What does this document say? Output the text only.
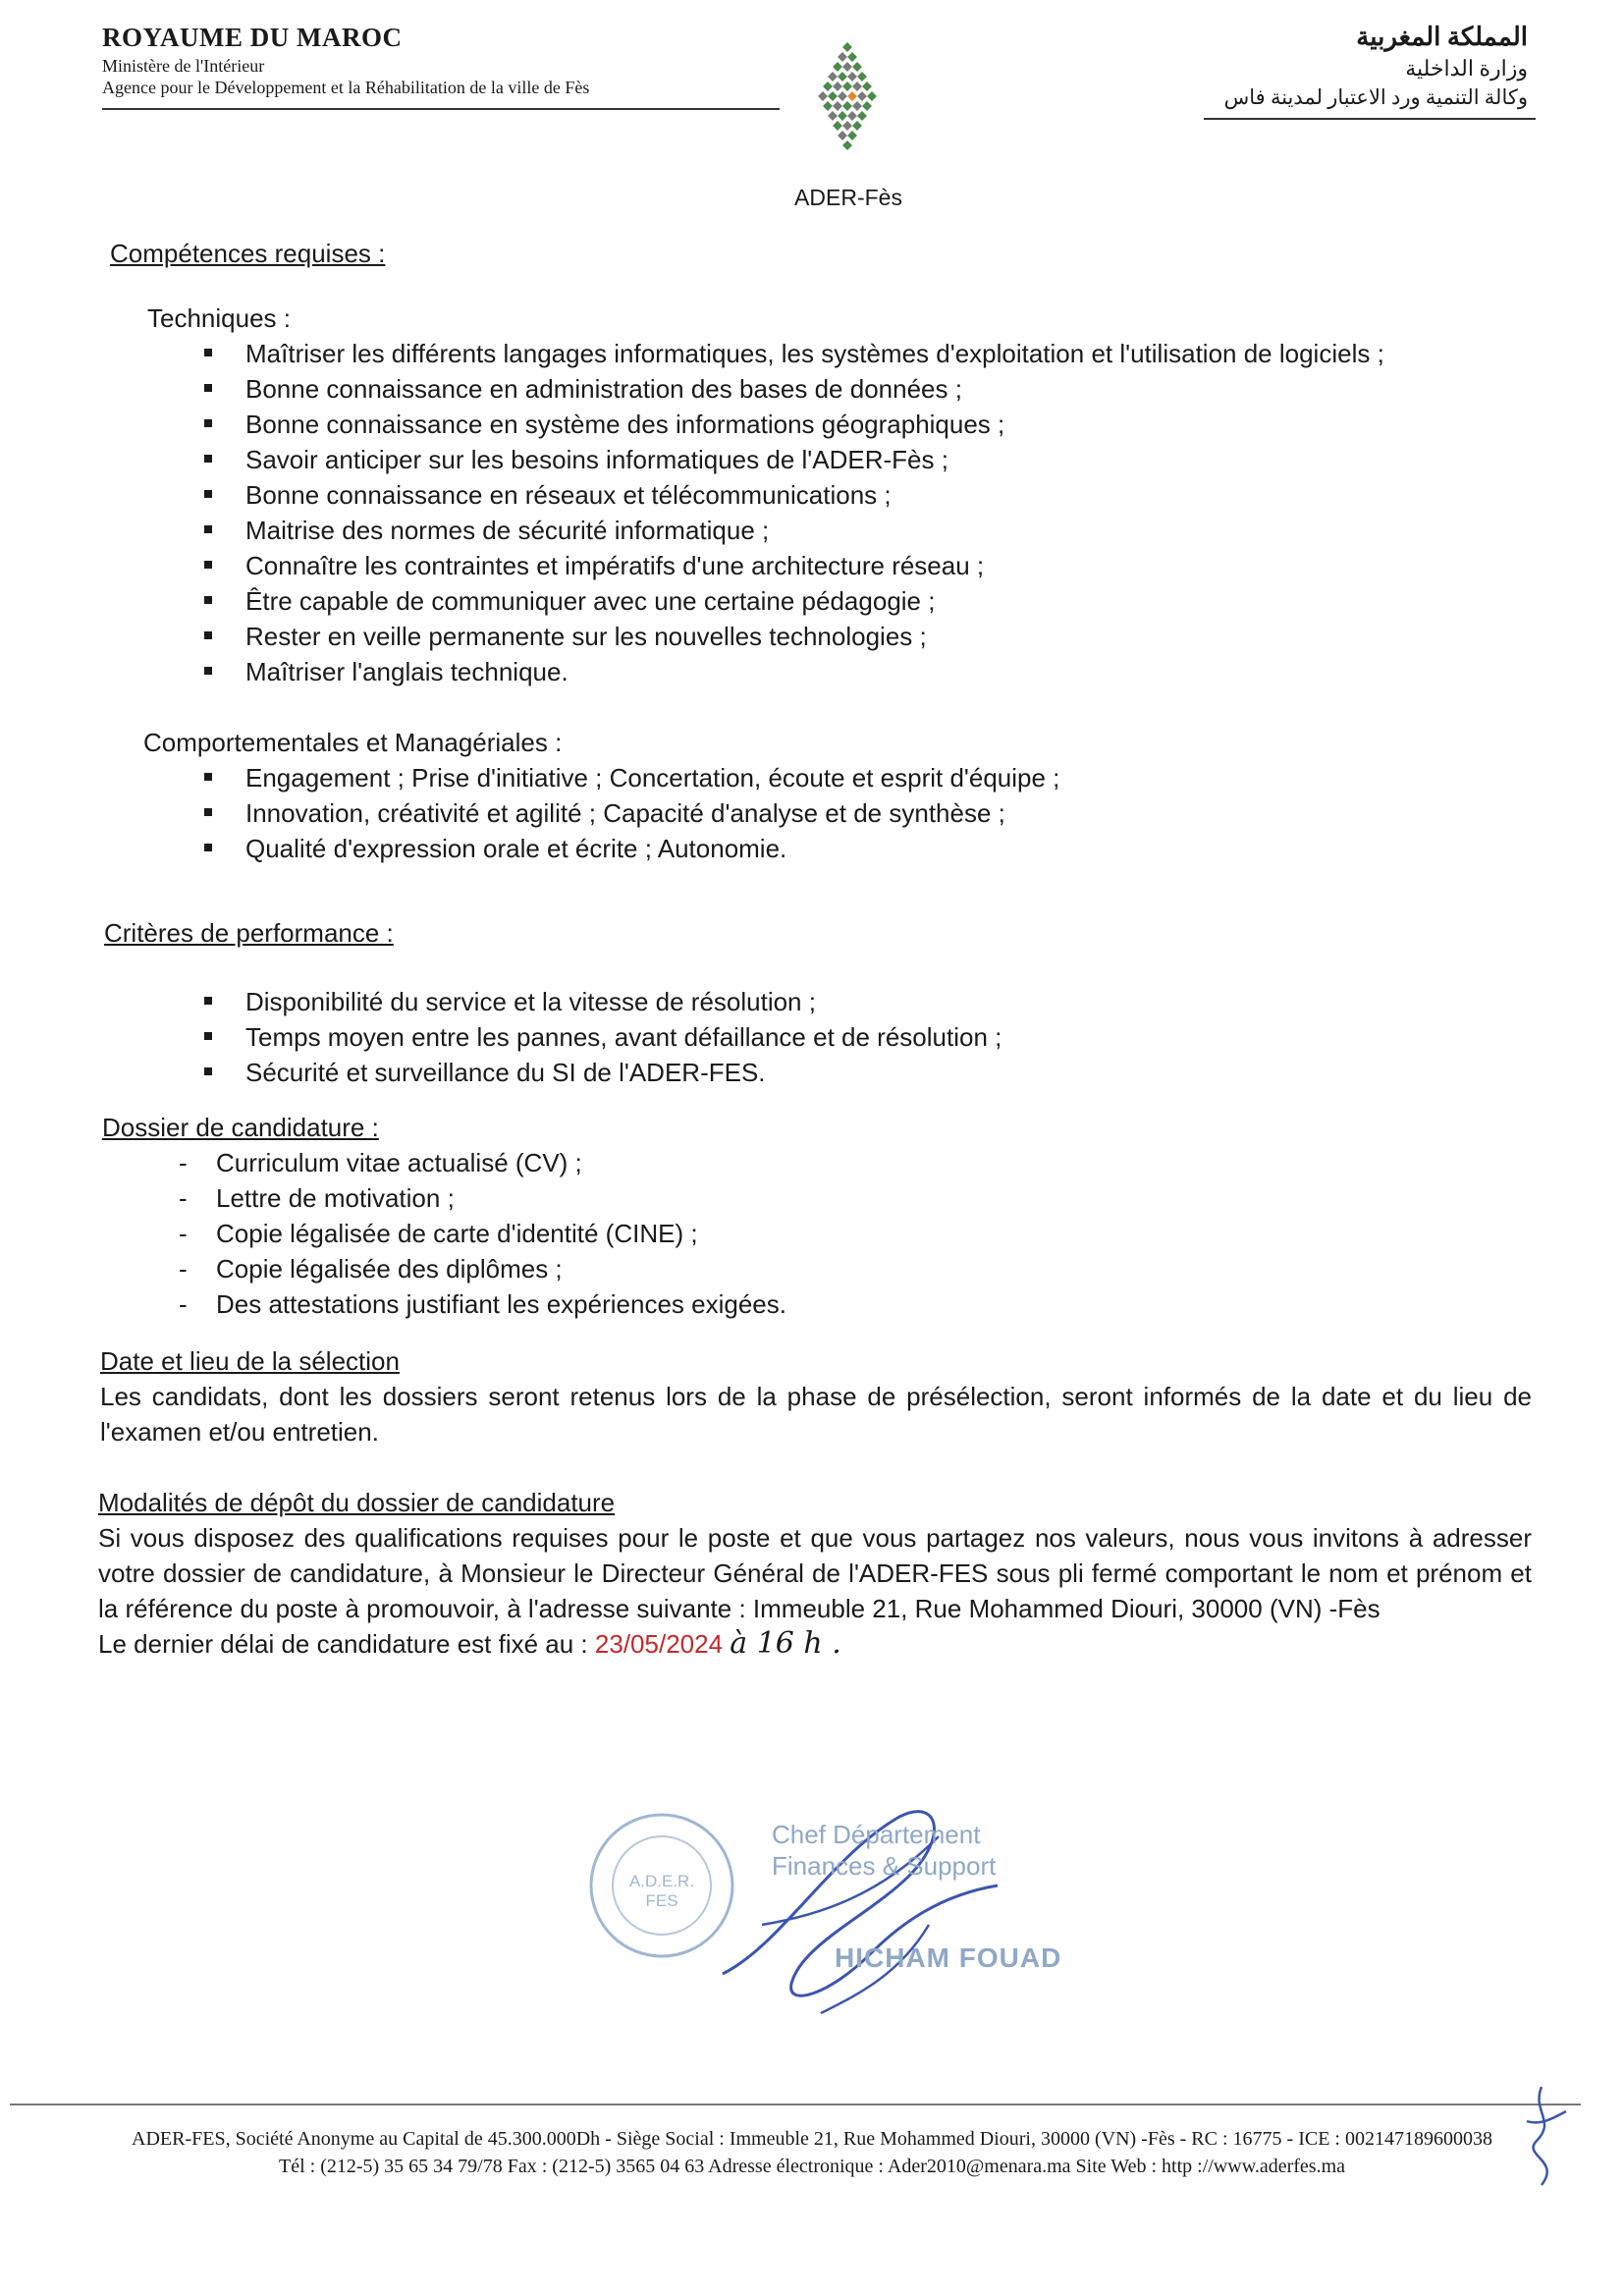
ROYAUME DU MAROC
Ministère de l'Intérieur
Agence pour le Développement et la Réhabilitation de la ville de Fès
ADER-Fès
المملكة المغربية
وزارة الداخلية
وكالة التنمية ورد الاعتبار لمدينة فاس
Compétences requises :
Techniques :
Maîtriser les différents langages informatiques, les systèmes d'exploitation et l'utilisation de logiciels ;
Bonne connaissance en administration des bases de données ;
Bonne connaissance en système des informations géographiques ;
Savoir anticiper sur les besoins informatiques de l'ADER-Fès ;
Bonne connaissance en réseaux et télécommunications ;
Maitrise des normes de sécurité informatique ;
Connaître les contraintes et impératifs d'une architecture réseau ;
Être capable de communiquer avec une certaine pédagogie ;
Rester en veille permanente sur les nouvelles technologies ;
Maîtriser l'anglais technique.
Comportementales et Managériales :
Engagement ; Prise d'initiative ; Concertation, écoute et esprit d'équipe ;
Innovation, créativité et agilité ; Capacité d'analyse et de synthèse ;
Qualité d'expression orale et écrite ; Autonomie.
Critères de performance :
Disponibilité du service et la vitesse de résolution ;
Temps moyen entre les pannes, avant défaillance et de résolution ;
Sécurité et surveillance du SI de l'ADER-FES.
Dossier de candidature :
- Curriculum vitae actualisé (CV) ;
- Lettre de motivation ;
- Copie légalisée de carte d'identité (CINE) ;
- Copie légalisée des diplômes ;
- Des attestations justifiant les expériences exigées.
Date et lieu de la sélection
Les candidats, dont les dossiers seront retenus lors de la phase de présélection, seront informés de la date et du lieu de l'examen et/ou entretien.
Modalités de dépôt du dossier de candidature
Si vous disposez des qualifications requises pour le poste et que vous partagez nos valeurs, nous vous invitons à adresser votre dossier de candidature, à Monsieur le Directeur Général de l'ADER-FES sous pli fermé comportant le nom et prénom et la référence du poste à promouvoir, à l'adresse suivante : Immeuble 21, Rue Mohammed Diouri, 30000 (VN) -Fès
Le dernier délai de candidature est fixé au : 23/05/2024 à 16 h .
A.D.E.R. FES
Chef Département
Finances & Support
HICHAM FOUAD
ADER-FES, Société Anonyme au Capital de 45.300.000Dh - Siège Social : Immeuble 21, Rue Mohammed Diouri, 30000 (VN) -Fès - RC : 16775 - ICE : 002147189600038
Tél : (212-5) 35 65 34 79/78 Fax : (212-5) 3565 04 63 Adresse électronique : Ader2010@menara.ma Site Web : http ://www.aderfes.ma
